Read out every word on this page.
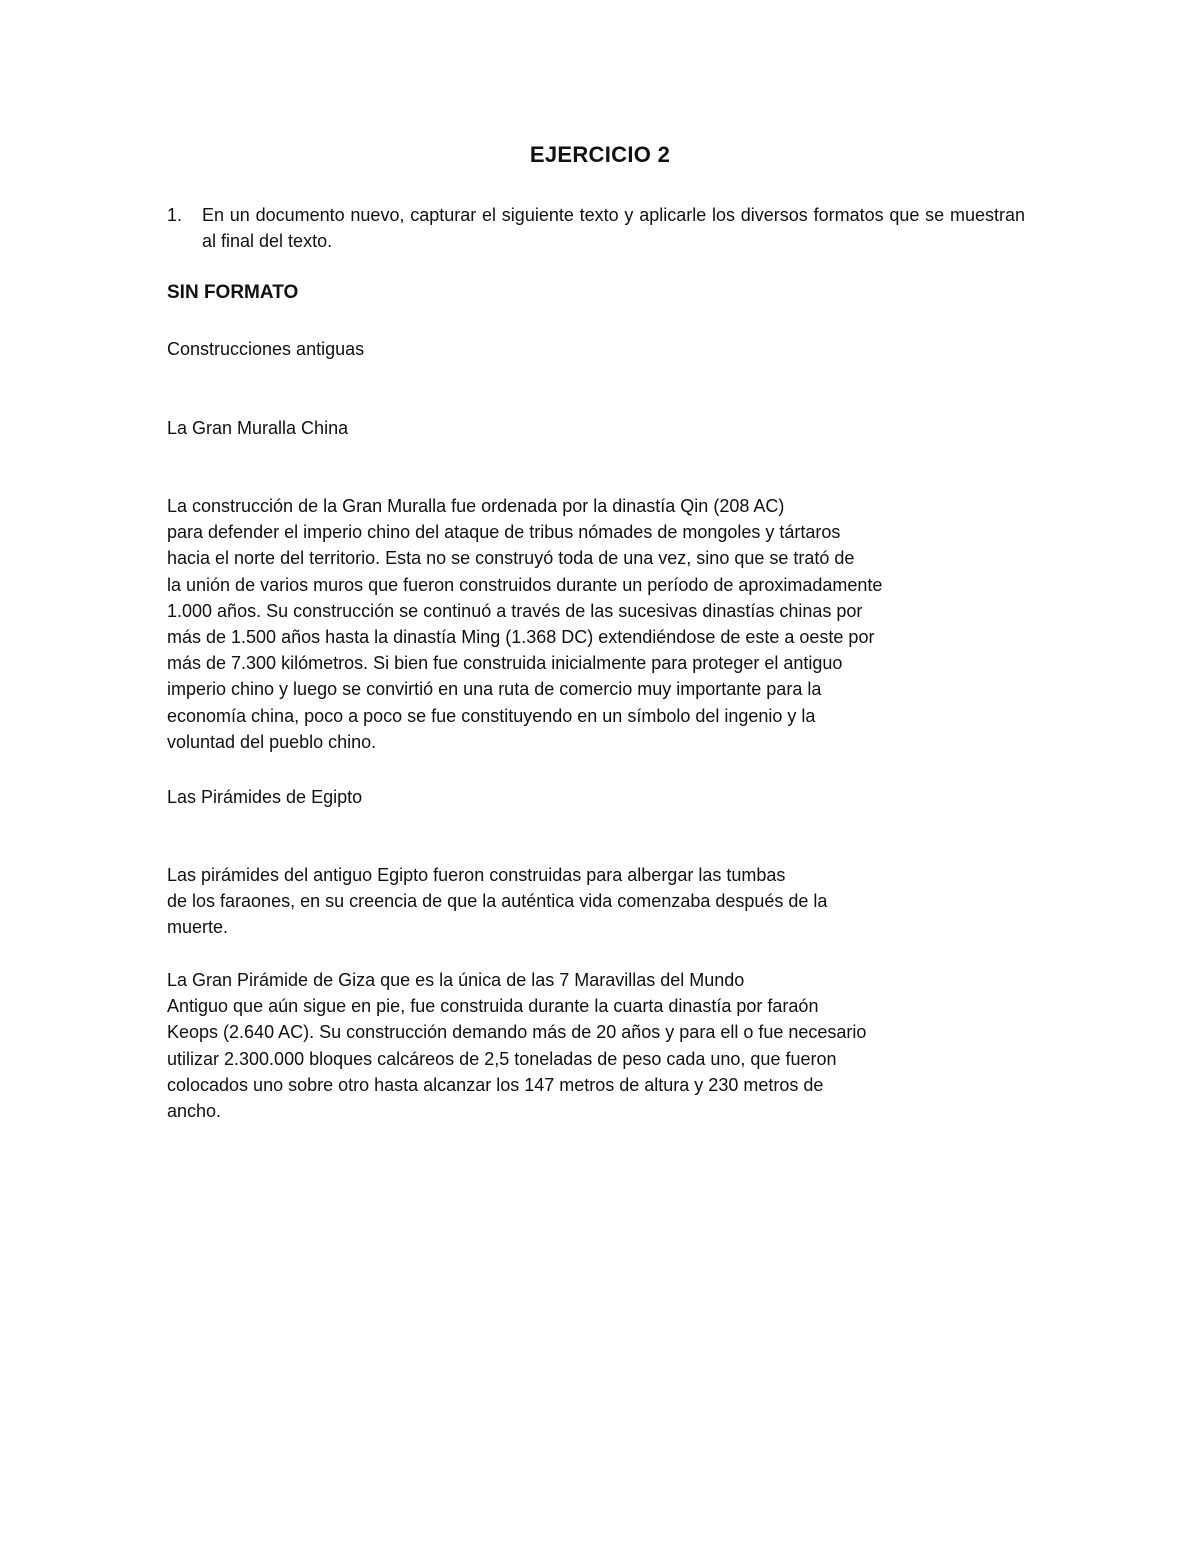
EJERCICIO 2
1. En un documento nuevo, capturar el siguiente texto y aplicarle los diversos formatos que se muestran al final del texto.
SIN FORMATO
Construcciones antiguas
La Gran Muralla China

La construcción de la Gran Muralla fue ordenada por la dinastía Qin (208 AC)

para defender el imperio chino del ataque de tribus nómades de mongoles y tártaros

hacia el norte del territorio. Esta no se construyó toda de una vez, sino que se trató de

la unión de varios muros que fueron construidos durante un período de aproximadamente

1.000 años. Su construcción se continuó a través de las sucesivas dinastías chinas por

más de 1.500 años hasta la dinastía Ming (1.368 DC) extendiéndose de este a oeste por

más de 7.300 kilómetros. Si bien fue construida inicialmente para proteger el antiguo

imperio chino y luego se convirtió en una ruta de comercio muy importante para la

economía china, poco a poco se fue constituyendo en un símbolo del ingenio y la

voluntad del pueblo chino.

Las Pirámides de Egipto

Las pirámides del antiguo Egipto fueron construidas para albergar las tumbas

de los faraones, en su creencia de que la auténtica vida comenzaba después de la

muerte.

La Gran Pirámide de Giza que es la única de las 7 Maravillas del Mundo

Antiguo que aún sigue en pie, fue construida durante la cuarta dinastía por faraón

Keops (2.640 AC). Su construcción demando más de 20 años y para ell o fue necesario

utilizar 2.300.000 bloques calcáreos de 2,5 toneladas de peso cada uno, que fueron

colocados uno sobre otro hasta alcanzar los 147 metros de altura y 230 metros de

ancho.
